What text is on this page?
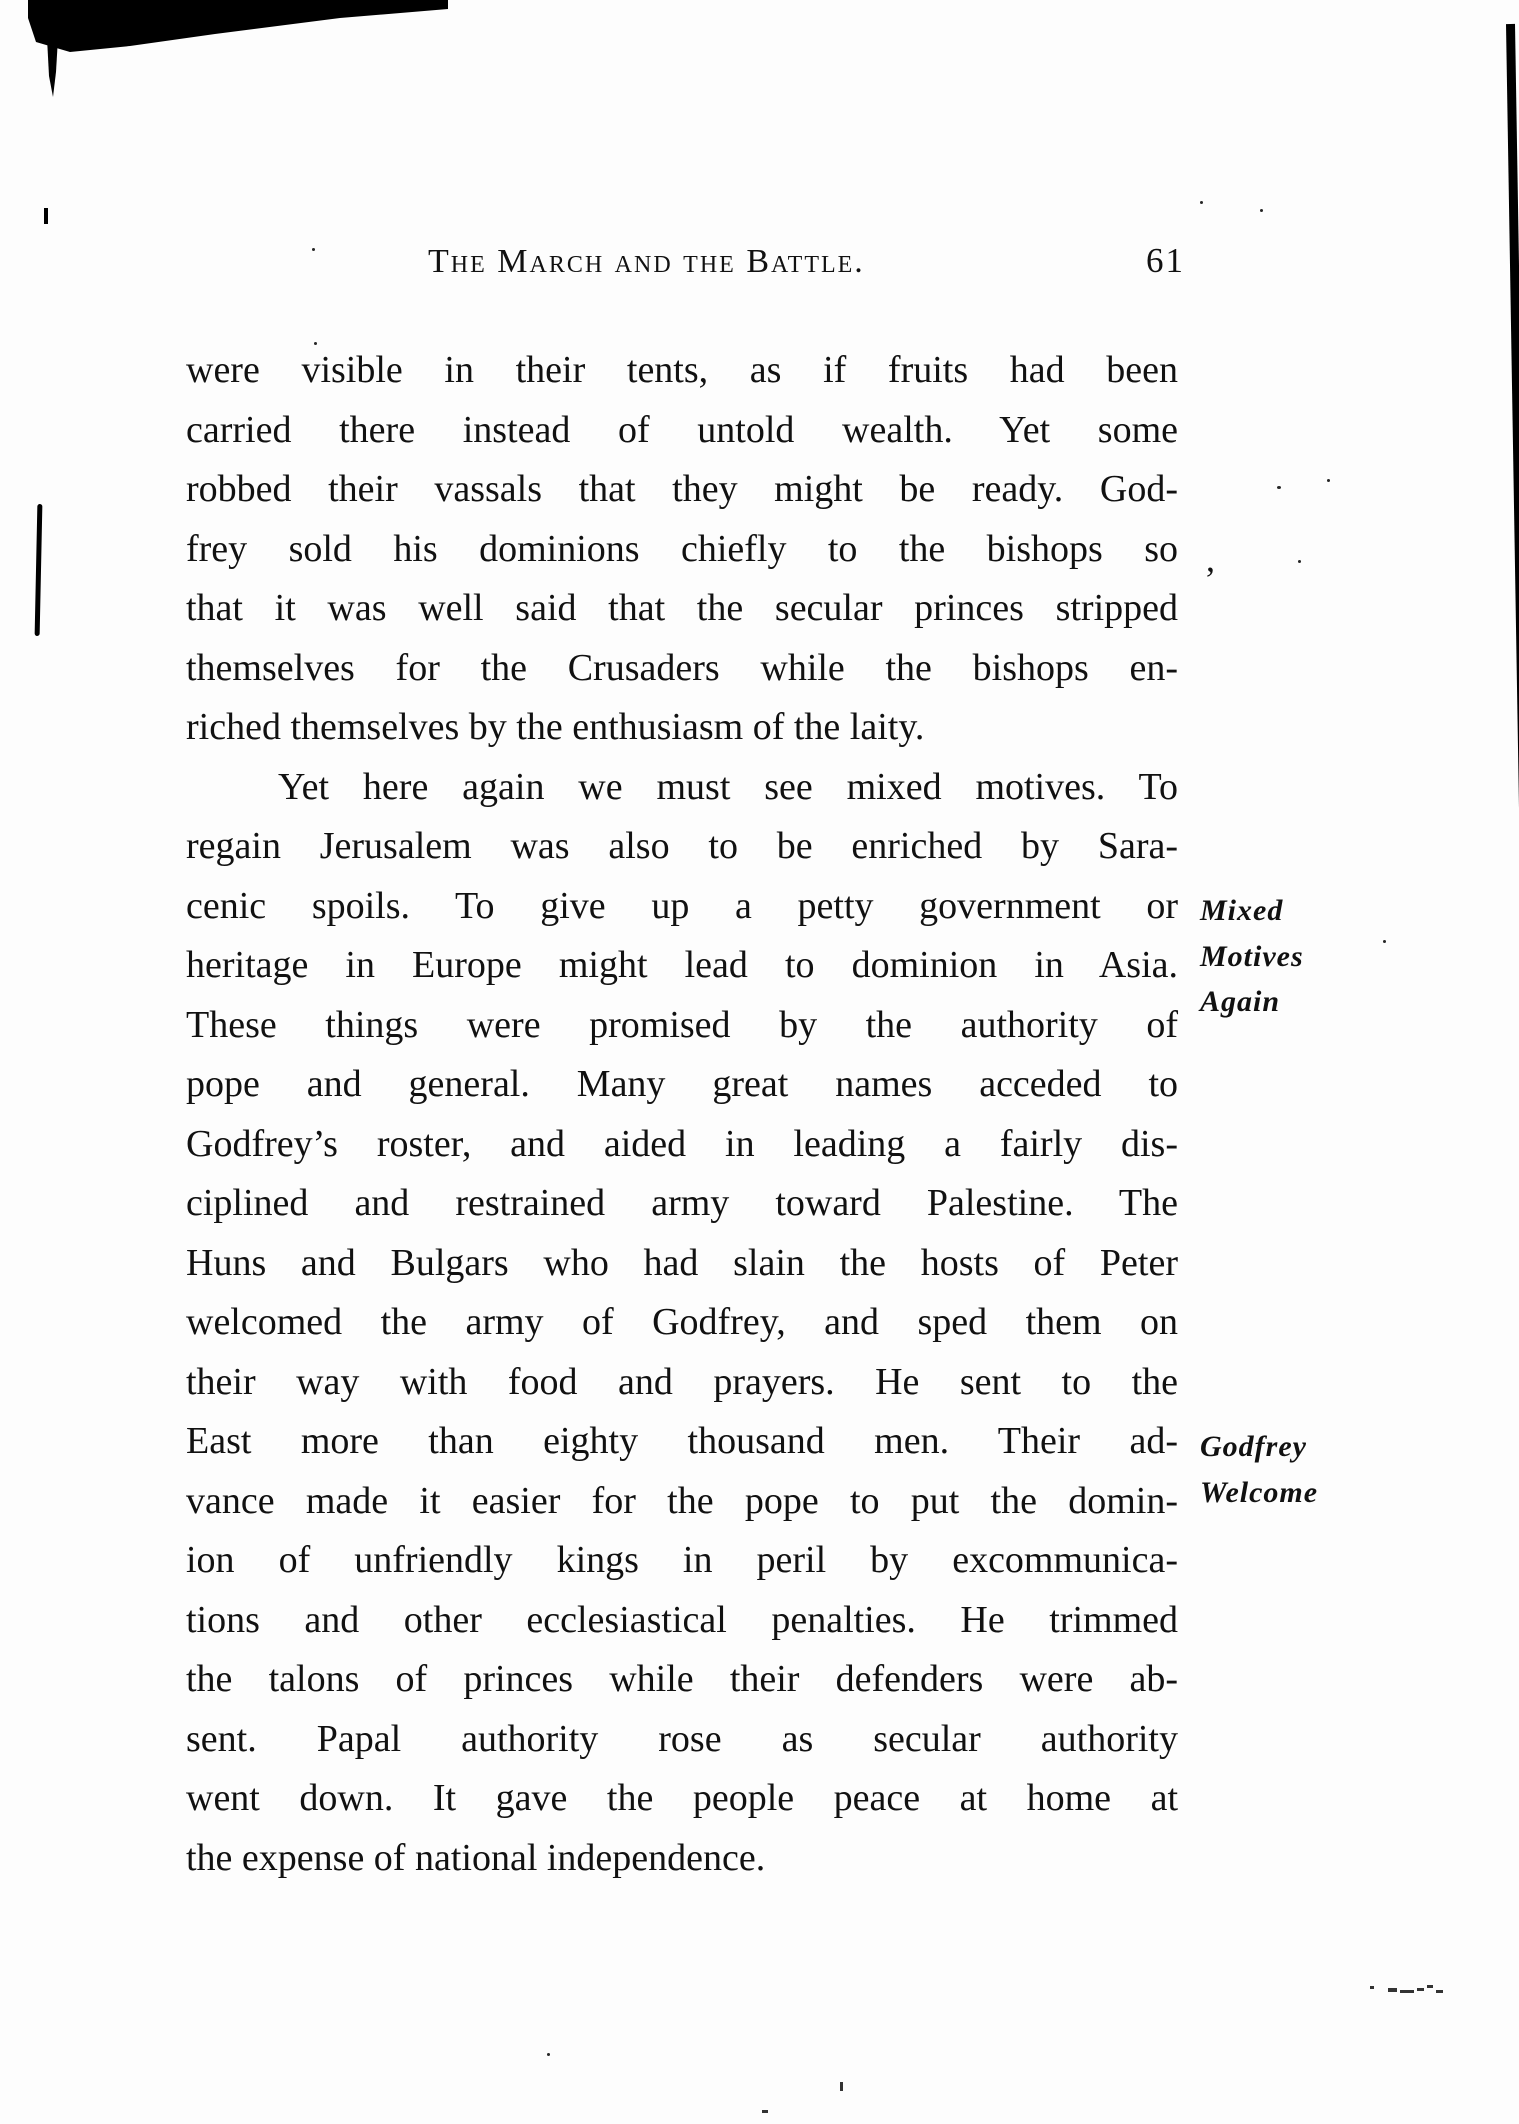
The March and the Battle.	61
were visible in their tents, as if fruits had been
carried there instead of untold wealth. Yet some
robbed their vassals that they might be ready. God-
frey sold his dominions chiefly to the bishops so
that it was well said that the secular princes stripped
themselves for the Crusaders while the bishops en-
riched themselves by the enthusiasm of the laity.
Yet here again we must see mixed motives. To
regain Jerusalem was also to be enriched by Sara-
cenic spoils. To give up a petty government or
heritage in Europe might lead to dominion in Asia.
These things were promised by the authority of
pope and general. Many great names acceded to
Godfrey’s roster, and aided in leading a fairly dis-
ciplined and restrained army toward Palestine. The
Huns and Bulgars who had slain the hosts of Peter
welcomed the army of Godfrey, and sped them on
their way with food and prayers. He sent to the
East more than eighty thousand men. Their ad-
vance made it easier for the pope to put the domin-
ion of unfriendly kings in peril by excommunica-
tions and other ecclesiastical penalties. He trimmed
the talons of princes while their defenders were ab-
sent. Papal authority rose as secular authority
went down. It gave the people peace at home at
the expense of national independence.
Mixed
Motives
Again
Godfrey
Welcome
,
